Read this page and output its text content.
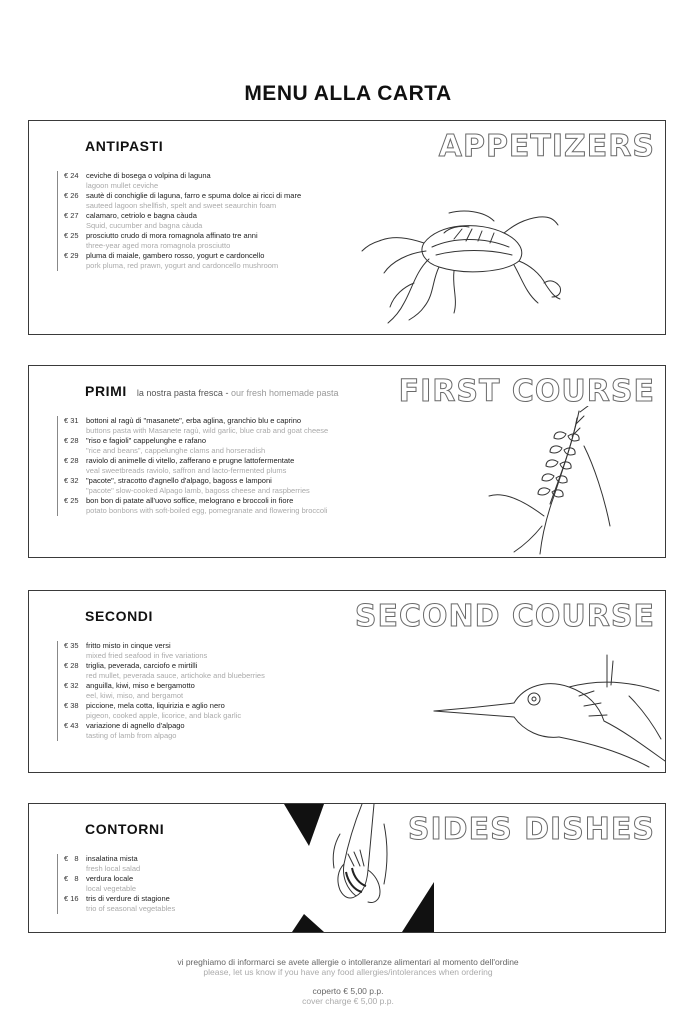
MENU ALLA CARTA
ANTIPASTI	APPETIZERS
€ 24 ceviche di bosega o volpina di laguna
lagoon mullet ceviche
€ 26 sautè di conchiglie di laguna, farro e spuma dolce ai ricci di mare
sauteed lagoon shellfish, spelt and sweet seaurchin foam
€ 27 calamaro, cetriolo e bagna càuda
Squid, cucumber and bagna càuda
€ 25 prosciutto crudo di mora romagnola affinato tre anni
three-year aged mora romagnola prosciutto
€ 29 pluma di maiale, gambero rosso, yogurt e cardoncello
pork pluma, red prawn, yogurt and cardoncello mushroom
PRIMI la nostra pasta fresca - our fresh homemade pasta FIRST COURSE
€ 31 bottoni al ragù di "masanete", erba aglina, granchio blu e caprino
buttons pasta with Masanete ragù, wild garlic, blue crab and goat cheese
€ 28 "riso e fagioli" cappelunghe e rafano
"rice and beans", cappelunghe clams and horseradish
€ 28 raviolo di animelle di vitello, zafferano e prugne lattofermentate
veal sweetbreads raviolo, saffron and lacto-fermented plums
€ 32 "pacote", stracotto d'agnello d'alpago, bagoss e lamponi
"pacote" slow-cooked Alpago lamb, bagoss cheese and raspberries
€ 25 bon bon di patate all'uovo soffice, melograno e broccoli in fiore
potato bonbons with soft-boiled egg, pomegranate and flowering broccoli
SECONDI	SECOND COURSE
€ 35 fritto misto in cinque versi
mixed fried seafood in five variations
€ 28 triglia, peverada, carciofo e mirtilli
red mullet, peverada sauce, artichoke and blueberries
€ 32 anguilla, kiwi, miso e bergamotto
eel, kiwi, miso, and bergamot
€ 38 piccione, mela cotta, liquirizia e aglio nero
pigeon, cooked apple, licorice, and black garlic
€ 43 variazione di agnello d'alpago
tasting of lamb from alpago
CONTORNI	SIDES DISHES
€   8 insalatina mista
fresh local salad
€   8 verdura locale
local vegetable
€ 16 tris di verdure di stagione
trio of seasonal vegetables
vi preghiamo di informarci se avete allergie o intolleranze alimentari al momento dell'ordine
please, let us know if you have any food allergies/intolerances when ordering
coperto € 5,00 p.p.
cover charge € 5,00 p.p.
